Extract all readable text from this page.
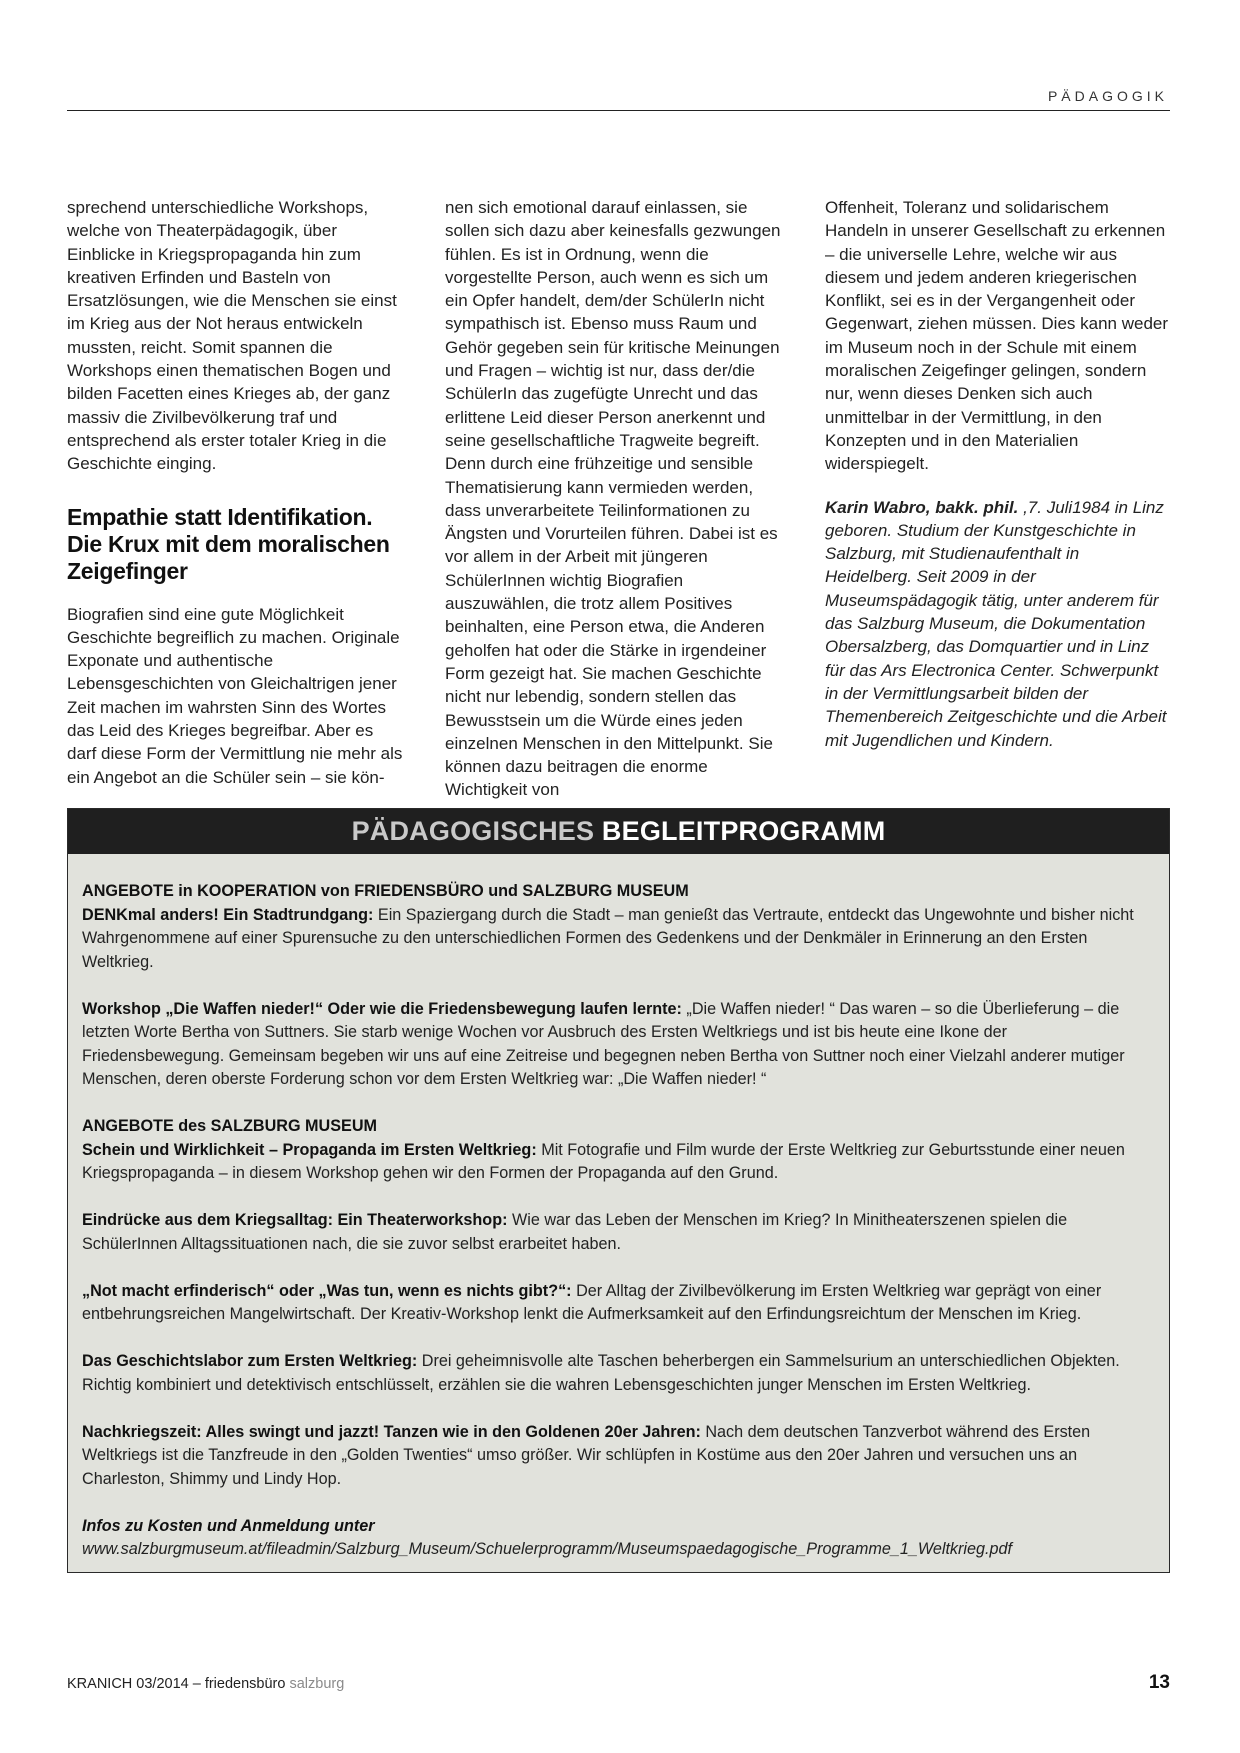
PÄDAGOGIK

sprechend unterschiedliche Workshops, welche von Theaterpädagogik, über Einblicke in Kriegspropaganda hin zum kreativen Erfinden und Basteln von Ersatzlösungen, wie die Menschen sie einst im Krieg aus der Not heraus entwickeln mussten, reicht. Somit spannen die Workshops einen thematischen Bogen und bilden Facetten eines Krieges ab, der ganz massiv die Zivilbevölkerung traf und entsprechend als erster totaler Krieg in die Geschichte einging.

Empathie statt Identifikation. Die Krux mit dem moralischen Zeigefinger

Biografien sind eine gute Möglichkeit Geschichte begreiflich zu machen. Originale Exponate und authentische Lebensgeschichten von Gleichaltrigen jener Zeit machen im wahrsten Sinn des Wortes das Leid des Krieges begreifbar. Aber es darf diese Form der Vermittlung nie mehr als ein Angebot an die Schüler sein – sie kön-

nen sich emotional darauf einlassen, sie sollen sich dazu aber keinesfalls gezwungen fühlen. Es ist in Ordnung, wenn die vorgestellte Person, auch wenn es sich um ein Opfer handelt, dem/der SchülerIn nicht sympathisch ist. Ebenso muss Raum und Gehör gegeben sein für kritische Meinungen und Fragen – wichtig ist nur, dass der/die SchülerIn das zugefügte Unrecht und das erlittene Leid dieser Person anerkennt und seine gesellschaftliche Tragweite begreift. Denn durch eine frühzeitige und sensible Thematisierung kann vermieden werden, dass unverarbeitete Teilinformationen zu Ängsten und Vorurteilen führen. Dabei ist es vor allem in der Arbeit mit jüngeren SchülerInnen wichtig Biografien auszuwählen, die trotz allem Positives beinhalten, eine Person etwa, die Anderen geholfen hat oder die Stärke in irgendeiner Form gezeigt hat. Sie machen Geschichte nicht nur lebendig, sondern stellen das Bewusstsein um die Würde eines jeden einzelnen Menschen in den Mittelpunkt. Sie können dazu beitragen die enorme Wichtigkeit von

Offenheit, Toleranz und solidarischem Handeln in unserer Gesellschaft zu erkennen – die universelle Lehre, welche wir aus diesem und jedem anderen kriegerischen Konflikt, sei es in der Vergangenheit oder Gegenwart, ziehen müssen. Dies kann weder im Museum noch in der Schule mit einem moralischen Zeigefinger gelingen, sondern nur, wenn dieses Denken sich auch unmittelbar in der Vermittlung, in den Konzepten und in den Materialien widerspiegelt.

Karin Wabro, bakk. phil. ,7. Juli1984 in Linz geboren. Studium der Kunstgeschichte in Salzburg, mit Studienaufenthalt in Heidelberg. Seit 2009 in der Museumspädagogik tätig, unter anderem für das Salzburg Museum, die Dokumentation Obersalzberg, das Domquartier und in Linz für das Ars Electronica Center. Schwerpunkt in der Vermittlungsarbeit bilden der Themenbereich Zeitgeschichte und die Arbeit mit Jugendlichen und Kindern.

PÄDAGOGISCHES BEGLEITPROGRAMM

ANGEBOTE in KOOPERATION von FRIEDENSBÜRO und SALZBURG MUSEUM
DENKmal anders! Ein Stadtrundgang: Ein Spaziergang durch die Stadt – man genießt das Vertraute, entdeckt das Ungewohnte und bisher nicht Wahrgenommene auf einer Spurensuche zu den unterschiedlichen Formen des Gedenkens und der Denkmäler in Erinnerung an den Ersten Weltkrieg.

Workshop „Die Waffen nieder!“ Oder wie die Friedensbewegung laufen lernte: „Die Waffen nieder! “ Das waren – so die Überlieferung – die letzten Worte Bertha von Suttners. Sie starb wenige Wochen vor Ausbruch des Ersten Weltkriegs und ist bis heute eine Ikone der Friedensbewegung. Gemeinsam begeben wir uns auf eine Zeitreise und begegnen neben Bertha von Suttner noch einer Vielzahl anderer mutiger Menschen, deren oberste Forderung schon vor dem Ersten Weltkrieg war: „Die Waffen nieder! “

ANGEBOTE des SALZBURG MUSEUM
Schein und Wirklichkeit – Propaganda im Ersten Weltkrieg: Mit Fotografie und Film wurde der Erste Weltkrieg zur Geburtsstunde einer neuen Kriegspropaganda – in diesem Workshop gehen wir den Formen der Propaganda auf den Grund.

Eindrücke aus dem Kriegsalltag: Ein Theaterworkshop: Wie war das Leben der Menschen im Krieg? In Minitheaterszenen spielen die SchülerInnen Alltagssituationen nach, die sie zuvor selbst erarbeitet haben.

„Not macht erfinderisch“ oder „Was tun, wenn es nichts gibt?“: Der Alltag der Zivilbevölkerung im Ersten Weltkrieg war geprägt von einer entbehrungsreichen Mangelwirtschaft. Der Kreativ-Workshop lenkt die Aufmerksamkeit auf den Erfindungsreichtum der Menschen im Krieg.

Das Geschichtslabor zum Ersten Weltkrieg: Drei geheimnisvolle alte Taschen beherbergen ein Sammelsurium an unterschiedlichen Objekten. Richtig kombiniert und detektivisch entschlüsselt, erzählen sie die wahren Lebensgeschichten junger Menschen im Ersten Weltkrieg.

Nachkriegszeit: Alles swingt und jazzt! Tanzen wie in den Goldenen 20er Jahren: Nach dem deutschen Tanzverbot während des Ersten Weltkriegs ist die Tanzfreude in den „Golden Twenties“ umso größer. Wir schlüpfen in Kostüme aus den 20er Jahren und versuchen uns an Charleston, Shimmy und Lindy Hop.

Infos zu Kosten und Anmeldung unter www.salzburgmuseum.at/fileadmin/Salzburg_Museum/Schuelerprogramm/Museumspaedagogische_Programme_1_Weltkrieg.pdf

KRANICH 03/2014 – friedensbüro salzburg	13
